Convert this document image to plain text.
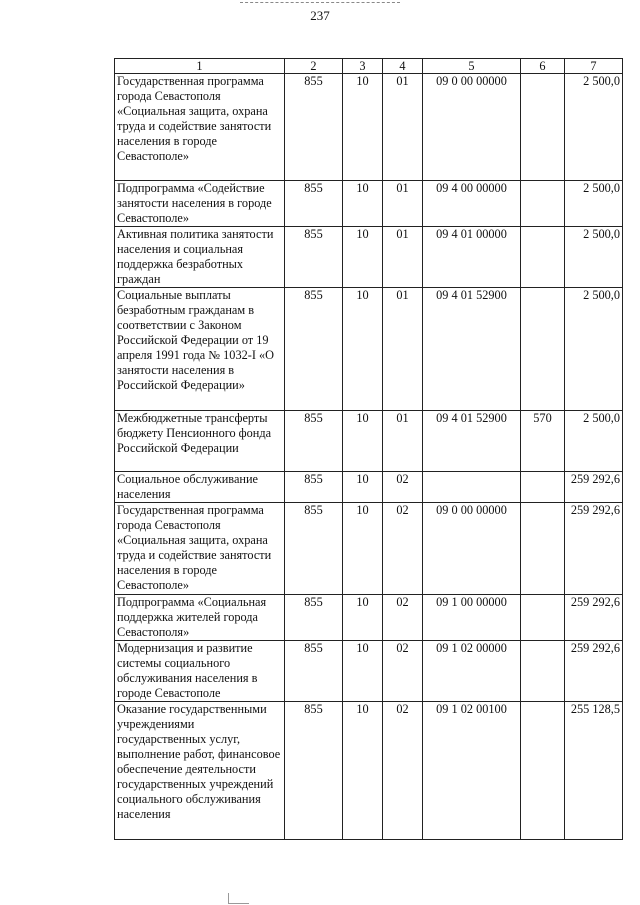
237
1	2	3	4	5	6	7
Государственная программа города Севастополя «Социальная защита, охрана труда и содействие занятости населения в городе Севастополе»	855	10	01	09 0 00 00000		2 500,0
Подпрограмма «Содействие занятости населения в городе Севастополе»	855	10	01	09 4 00 00000		2 500,0
Активная политика занятости населения и социальная поддержка безработных граждан	855	10	01	09 4 01 00000		2 500,0
Социальные выплаты безработным гражданам в соответствии с Законом Российской Федерации от 19 апреля 1991 года № 1032-I «О занятости населения в Российской Федерации»	855	10	01	09 4 01 52900		2 500,0
Межбюджетные трансферты бюджету Пенсионного фонда Российской Федерации	855	10	01	09 4 01 52900	570	2 500,0
Социальное обслуживание населения	855	10	02			259 292,6
Государственная программа города Севастополя «Социальная защита, охрана труда и содействие занятости населения в городе Севастополе»	855	10	02	09 0 00 00000		259 292,6
Подпрограмма «Социальная поддержка жителей города Севастополя»	855	10	02	09 1 00 00000		259 292,6
Модернизация и развитие системы социального обслуживания населения в городе Севастополе	855	10	02	09 1 02 00000		259 292,6
Оказание государственными учреждениями государственных услуг, выполнение работ, финансовое обеспечение деятельности государственных учреждений социального обслуживания населения	855	10	02	09 1 02 00100		255 128,5
